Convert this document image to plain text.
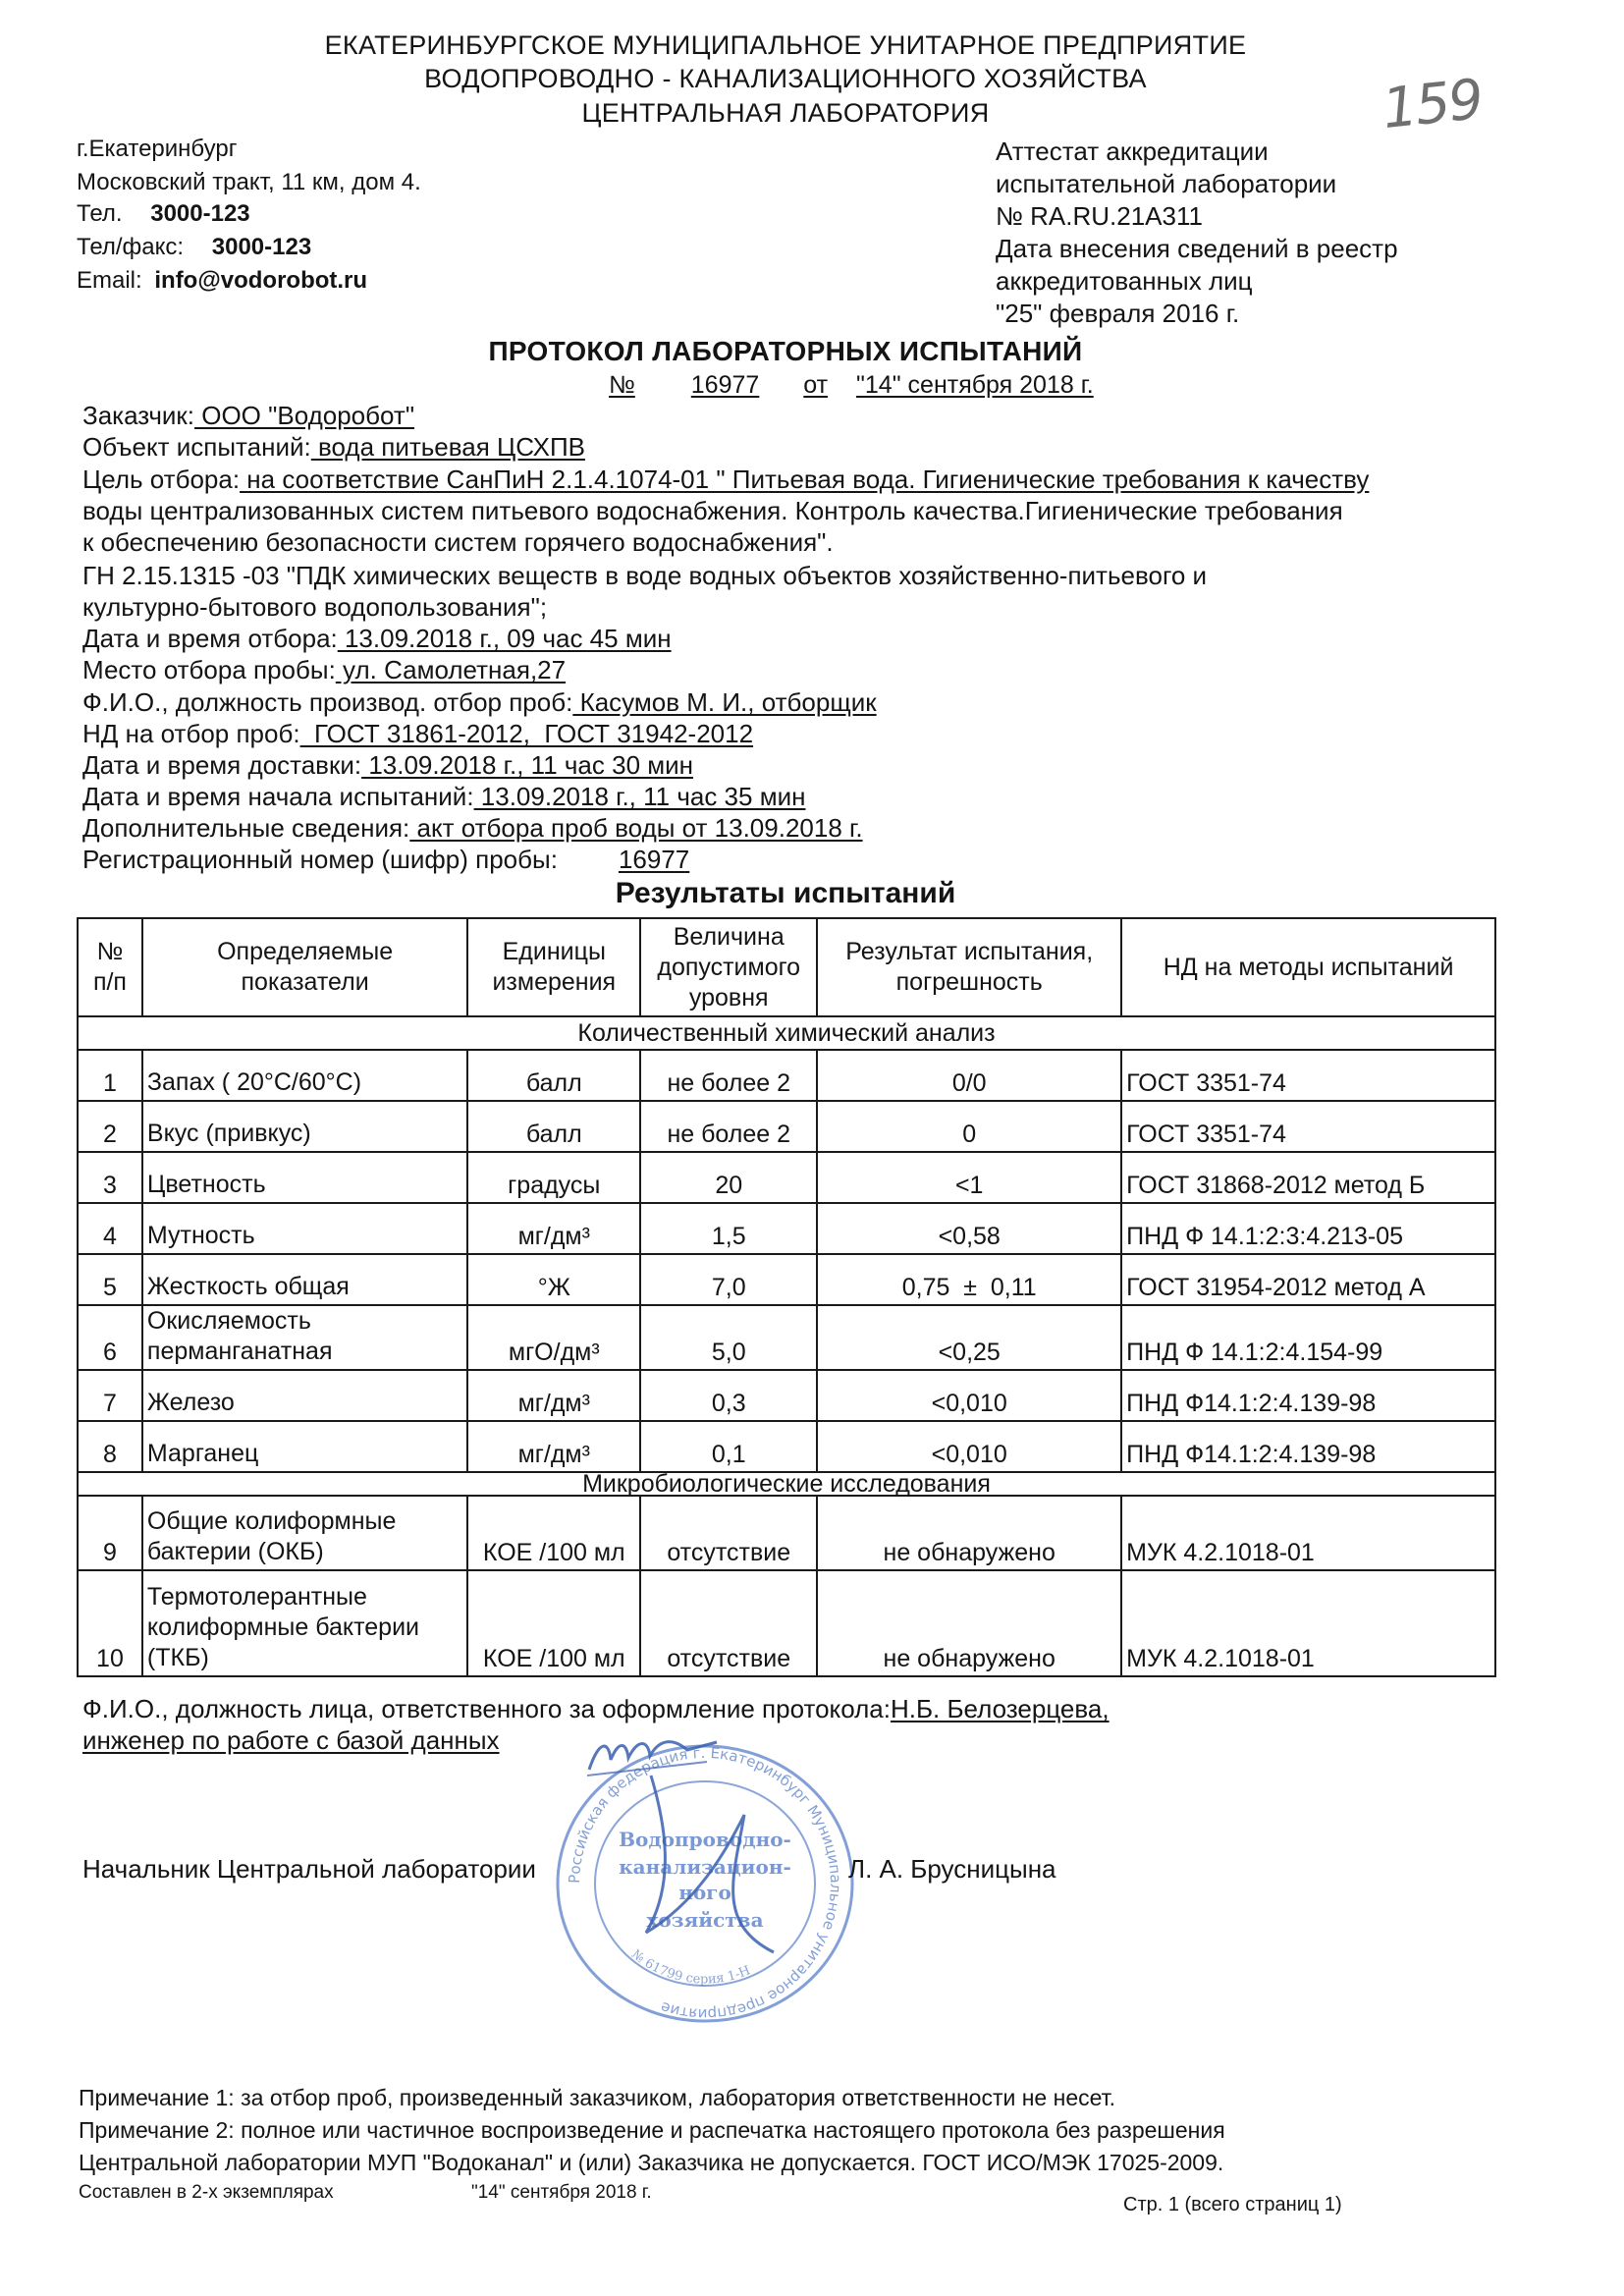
ЕКАТЕРИНБУРГСКОЕ МУНИЦИПАЛЬНОЕ УНИТАРНОЕ ПРЕДПРИЯТИЕ
ВОДОПРОВОДНО - КАНАЛИЗАЦИОННОГО ХОЗЯЙСТВА
ЦЕНТРАЛЬНАЯ ЛАБОРАТОРИЯ	159
г.Екатеринбург
Московский тракт, 11 км, дом 4.
Тел. 3000-123
Тел/факс: 3000-123
Email: info@vodorobot.ru
Аттестат аккредитации
испытательной лаборатории
№ RA.RU.21А311
Дата внесения сведений в реестр
аккредитованных лиц
"25" февраля 2016 г.
ПРОТОКОЛ ЛАБОРАТОРНЫХ ИСПЫТАНИЙ
№ 16977 от "14" сентября 2018 г.
Заказчик: ООО "Водоробот"
Объект испытаний: вода питьевая ЦСХПВ
Цель отбора: на соответствие СанПиН 2.1.4.1074-01 " Питьевая вода. Гигиенические требования к качеству
воды централизованных систем питьевого водоснабжения. Контроль качества.Гигиенические требования
к обеспечению безопасности систем горячего водоснабжения".
ГН 2.15.1315 -03 "ПДК химических веществ в воде водных объектов хозяйственно-питьевого и
культурно-бытового водопользования";
Дата и время отбора: 13.09.2018 г., 09 час 45 мин
Место отбора пробы: ул. Самолетная,27
Ф.И.О., должность производ. отбор проб: Касумов М. И., отборщик
НД на отбор проб:  ГОСТ 31861-2012,  ГОСТ 31942-2012
Дата и время доставки: 13.09.2018 г., 11 час 30 мин
Дата и время начала испытаний: 13.09.2018 г., 11 час 35 мин
Дополнительные сведения: акт отбора проб воды от 13.09.2018 г.
Регистрационный номер (шифр) пробы: 16977
Результаты испытаний
№ п/п	Определяемые показатели	Единицы измерения	Величина допустимого уровня	Результат испытания, погрешность	НД на методы испытаний

Количественный химический анализ					
1	Запах ( 20°С/60°С)	балл	не более 2	0/0	ГОСТ 3351-74
2	Вкус (привкус)	балл	не более 2	0	ГОСТ 3351-74
3	Цветность	градусы	20	<1	ГОСТ 31868-2012 метод Б
4	Мутность	мг/дм³	1,5	<0,58	ПНД Ф 14.1:2:3:4.213-05
5	Жесткость общая	°Ж	7,0	0,75  ±  0,11	ГОСТ 31954-2012 метод А
6	Окисляемость перманганатная	мгО/дм³	5,0	<0,25	ПНД Ф 14.1:2:4.154-99
7	Железо	мг/дм³	0,3	<0,010	ПНД Ф14.1:2:4.139-98
8	Марганец	мг/дм³	0,1	<0,010	ПНД Ф14.1:2:4.139-98
Микробиологические исследования					
9	Общие колиформные бактерии (ОКБ)	КОЕ /100 мл	отсутствие	не обнаружено	МУК 4.2.1018-01
10	Термотолерантные колиформные бактерии (ТКБ)	КОЕ /100 мл	отсутствие	не обнаружено	МУК 4.2.1018-01
Ф.И.О., должность лица, ответственного за оформление протокола:Н.Б. Белозерцева,
инженер по работе с базой данных
Российская федерация г. Екатеринбург Муниципальное унитарное предприятие
№ 61799 серия 1-Н
Водопроводно-
канализацион-
ного
хозяйства
Начальник Центральной лаборатории	Л. А. Брусницына
Примечание 1: за отбор проб, произведенный заказчиком, лаборатория ответственности не несет.
Примечание 2: полное или частичное воспроизведение и распечатка настоящего протокола без разрешения
Центральной лаборатории МУП "Водоканал" и (или) Заказчика не допускается. ГОСТ ИСО/МЭК 17025-2009.
Составлен в 2-х экземплярах	"14" сентября 2018 г.
Стр. 1 (всего страниц 1)
